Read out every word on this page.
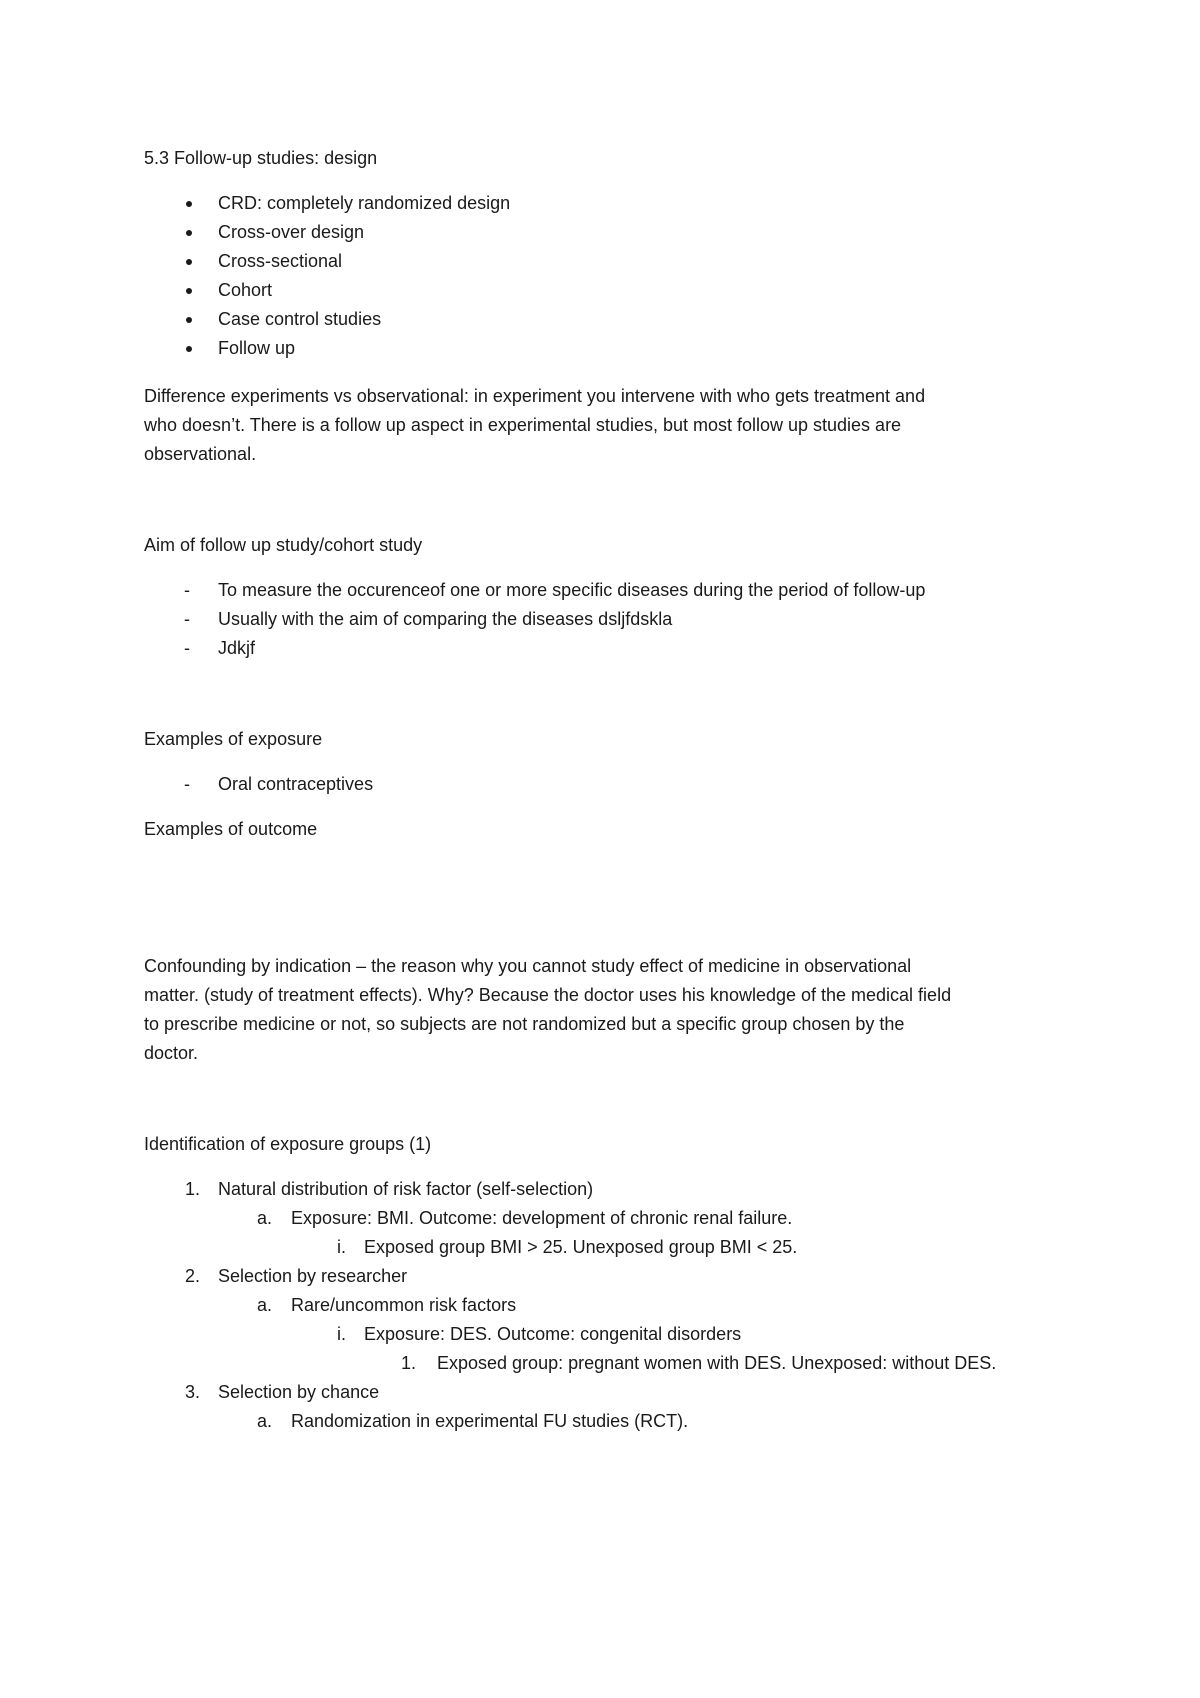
5.3 Follow-up studies: design
CRD: completely randomized design
Cross-over design
Cross-sectional
Cohort
Case control studies
Follow up
Difference experiments vs observational: in experiment you intervene with who gets treatment and
who doesn’t. There is a follow up aspect in experimental studies, but most follow up studies are
observational.
Aim of follow up study/cohort study
- To measure the occurenceof one or more specific diseases during the period of follow-up
- Usually with the aim of comparing the diseases dsljfdskla
- Jdkjf
Examples of exposure
- Oral contraceptives
Examples of outcome
Confounding by indication – the reason why you cannot study effect of medicine in observational
matter. (study of treatment effects). Why? Because the doctor uses his knowledge of the medical field
to prescribe medicine or not, so subjects are not randomized but a specific group chosen by the
doctor.
Identification of exposure groups (1)
1. Natural distribution of risk factor (self-selection)
a. Exposure: BMI. Outcome: development of chronic renal failure.
i. Exposed group BMI > 25. Unexposed group BMI < 25.
2. Selection by researcher
a. Rare/uncommon risk factors
i. Exposure: DES. Outcome: congenital disorders
1. Exposed group: pregnant women with DES. Unexposed: without DES.
3. Selection by chance
a. Randomization in experimental FU studies (RCT).
